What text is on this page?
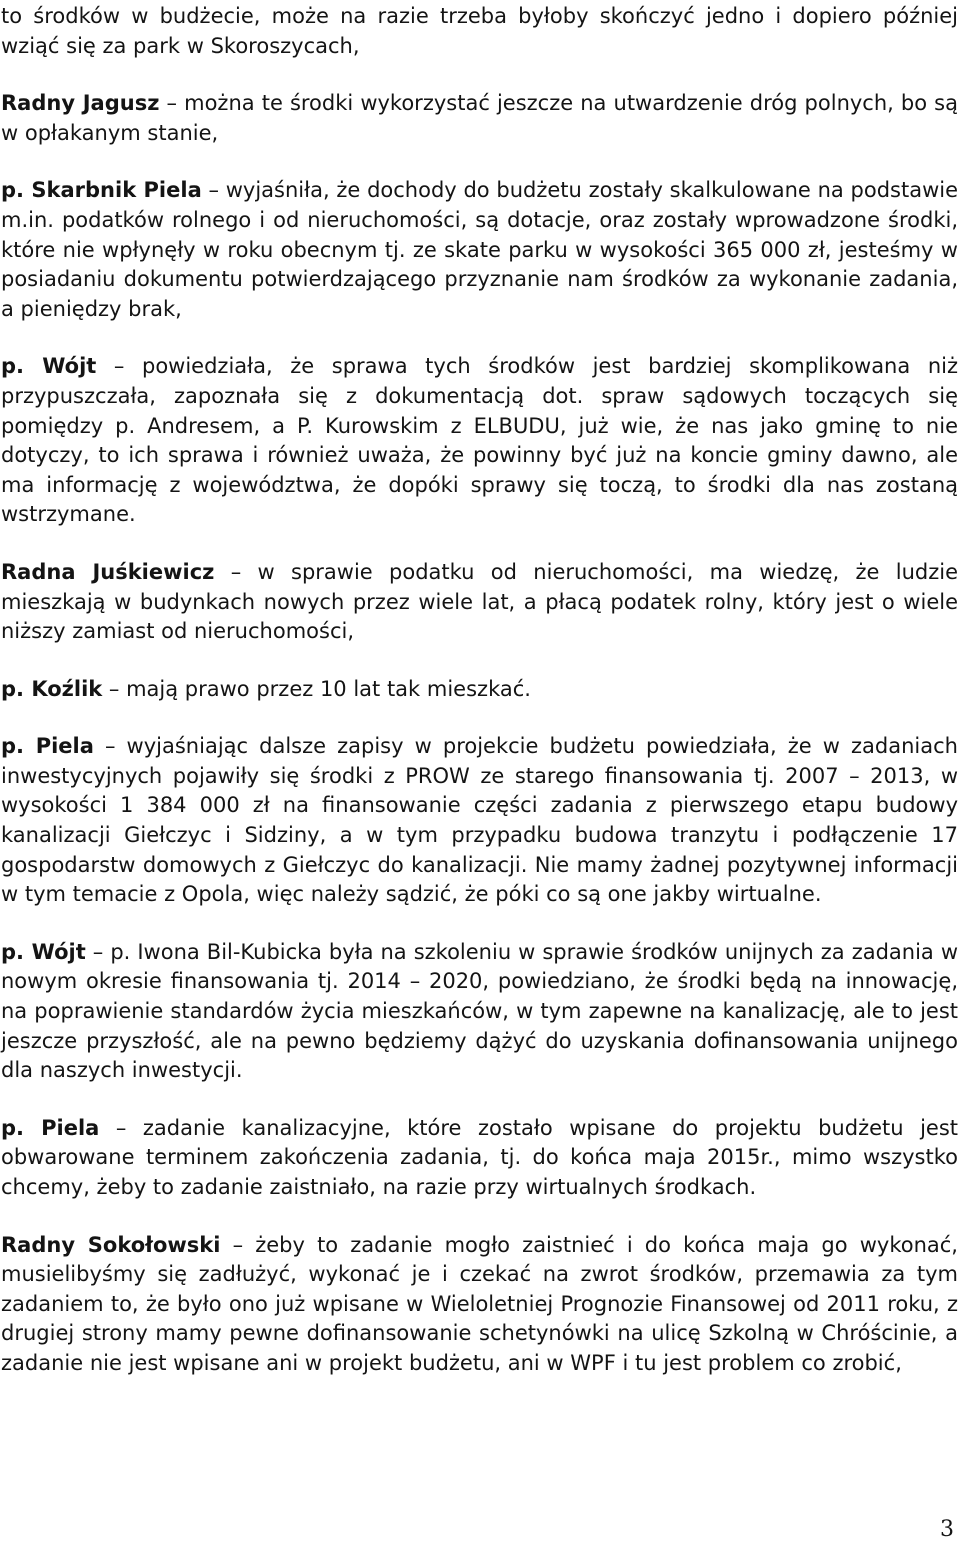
to środków w budżecie, może na razie trzeba byłoby skończyć jedno i dopiero później wziąć się za park w Skoroszycach,

Radny Jagusz – można te środki wykorzystać jeszcze na utwardzenie dróg polnych, bo są w opłakanym stanie,

p. Skarbnik Piela – wyjaśniła, że dochody do budżetu zostały skalkulowane na podstawie m.in. podatków rolnego i od nieruchomości, są dotacje, oraz zostały wprowadzone środki, które nie wpłynęły w roku obecnym tj. ze skate parku w wysokości 365 000 zł, jesteśmy w posiadaniu dokumentu potwierdzającego przyznanie nam środków za wykonanie zadania, a pieniędzy brak,

p. Wójt – powiedziała, że sprawa tych środków jest bardziej skomplikowana niż przypuszczała, zapoznała się z dokumentacją dot. spraw sądowych toczących się pomiędzy p. Andresem, a P. Kurowskim z ELBUDU, już wie, że nas jako gminę to nie dotyczy, to ich sprawa i również uważa, że powinny być już na koncie gminy dawno, ale ma informację z województwa, że dopóki sprawy się toczą, to środki dla nas zostaną wstrzymane.

Radna Juśkiewicz – w sprawie podatku od nieruchomości, ma wiedzę, że ludzie mieszkają w budynkach nowych przez wiele lat, a płacą podatek rolny, który jest o wiele niższy zamiast od nieruchomości,

p. Koźlik – mają prawo przez 10 lat tak mieszkać.

p. Piela – wyjaśniając dalsze zapisy w projekcie budżetu powiedziała, że w zadaniach inwestycyjnych pojawiły się środki z PROW ze starego finansowania tj. 2007 – 2013, w wysokości 1 384 000 zł na finansowanie części zadania z pierwszego etapu budowy kanalizacji Giełczyc i Sidziny, a w tym przypadku budowa tranzytu i podłączenie 17 gospodarstw domowych z Giełczyc do kanalizacji. Nie mamy żadnej pozytywnej informacji w tym temacie z Opola, więc należy sądzić, że póki co są one jakby wirtualne.

p. Wójt – p. Iwona Bil-Kubicka była na szkoleniu w sprawie środków unijnych za zadania w nowym okresie finansowania tj. 2014 – 2020, powiedziano, że środki będą na innowację, na poprawienie standardów życia mieszkańców, w tym zapewne na kanalizację, ale to jest jeszcze przyszłość, ale na pewno będziemy dążyć do uzyskania dofinansowania unijnego dla naszych inwestycji.

p. Piela – zadanie kanalizacyjne, które zostało wpisane do projektu budżetu jest obwarowane terminem zakończenia zadania, tj. do końca maja 2015r., mimo wszystko chcemy, żeby to zadanie zaistniało, na razie przy wirtualnych środkach.

Radny Sokołowski – żeby to zadanie mogło zaistnieć i do końca maja go wykonać, musielibyśmy się zadłużyć, wykonać je i czekać na zwrot środków, przemawia za tym zadaniem to, że było ono już wpisane w Wieloletniej Prognozie Finansowej od 2011 roku, z drugiej strony mamy pewne dofinansowanie schetynówki na ulicę Szkolną w Chróścinie, a zadanie nie jest wpisane ani w projekt budżetu, ani w WPF i tu jest problem co zrobić,

3
